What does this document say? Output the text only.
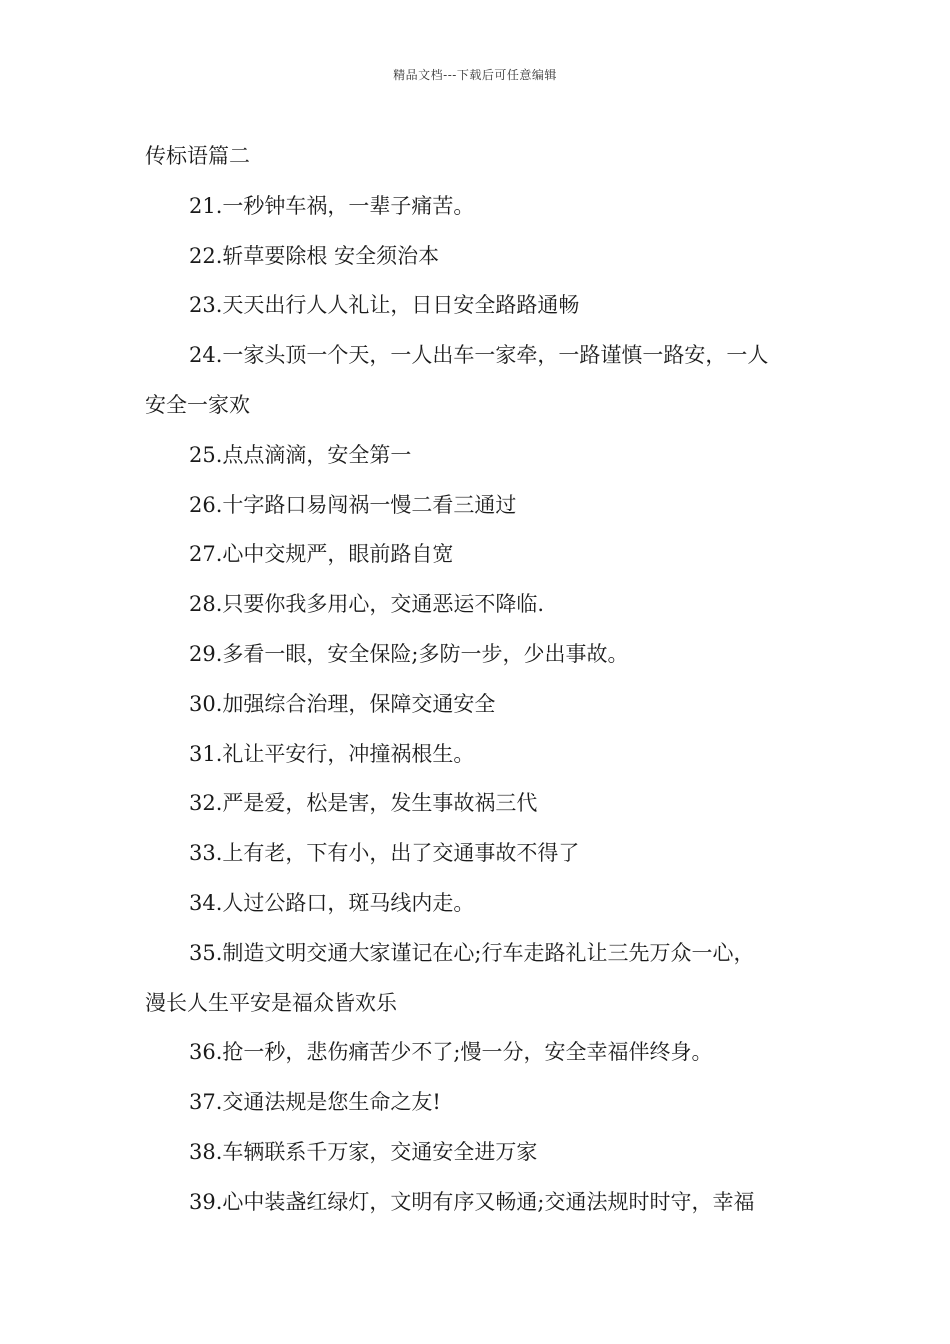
精品文档---下载后可任意编辑

传标语篇二

21.一秒钟车祸，一辈子痛苦。

22.斩草要除根 安全须治本

23.天天出行人人礼让，日日安全路路通畅

24.一家头顶一个天，一人出车一家牵，一路谨慎一路安，一人

安全一家欢

25.点点滴滴，安全第一

26.十字路口易闯祸一慢二看三通过

27.心中交规严，眼前路自宽

28.只要你我多用心，交通恶运不降临.

29.多看一眼，安全保险;多防一步，少出事故。

30.加强综合治理，保障交通安全

31.礼让平安行，冲撞祸根生。

32.严是爱，松是害，发生事故祸三代

33.上有老，下有小，出了交通事故不得了

34.人过公路口，斑马线内走。

35.制造文明交通大家谨记在心;行车走路礼让三先万众一心，

漫长人生平安是福众皆欢乐

36.抢一秒，悲伤痛苦少不了;慢一分，安全幸福伴终身。

37.交通法规是您生命之友!

38.车辆联系千万家，交通安全进万家

39.心中装盏红绿灯，文明有序又畅通;交通法规时时守，幸福
